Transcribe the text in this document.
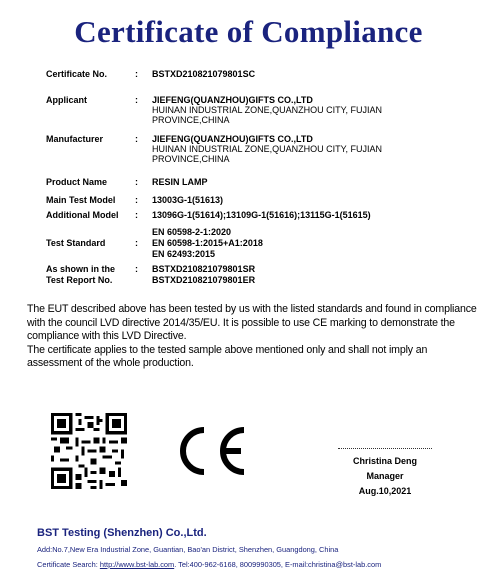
Certificate of Compliance
Certificate No.	: BSTXD210821079801SC
Applicant	: JIEFENG(QUANZHOU)GIFTS CO.,LTD
HUINAN INDUSTRIAL ZONE,QUANZHOU CITY, FUJIAN
PROVINCE,CHINA
Manufacturer	: JIEFENG(QUANZHOU)GIFTS CO.,LTD
HUINAN INDUSTRIAL ZONE,QUANZHOU CITY, FUJIAN
PROVINCE,CHINA
Product Name	: RESIN LAMP
Main Test Model	: 13003G-1(51613)
Additional Model	: 13096G-1(51614);13109G-1(51616);13115G-1(51615)
Test Standard	:
EN 60598-2-1:2020
EN 60598-1:2015+A1:2018
EN 62493:2015
As shown in the
Test Report No.
: BSTXD210821079801SR
BSTXD210821079801ER

The EUT described above has been tested by us with the listed standards and found in compliance with the council LVD directive 2014/35/EU. It is possible to use CE marking to demonstrate the compliance with this LVD Directive.

The certificate applies to the tested sample above mentioned only and shall not imply an assessment of the whole production.

Christina Deng
Manager
Aug.10,2021
BST Testing (Shenzhen) Co.,Ltd.
Add:No.7,New Era Industrial Zone, Guantian, Bao'an District, Shenzhen, Guangdong, China
Certificate Search: http://www.bst-lab.com. Tel:400-962-6168, 8009990305, E-mail:christina@bst-lab.com
